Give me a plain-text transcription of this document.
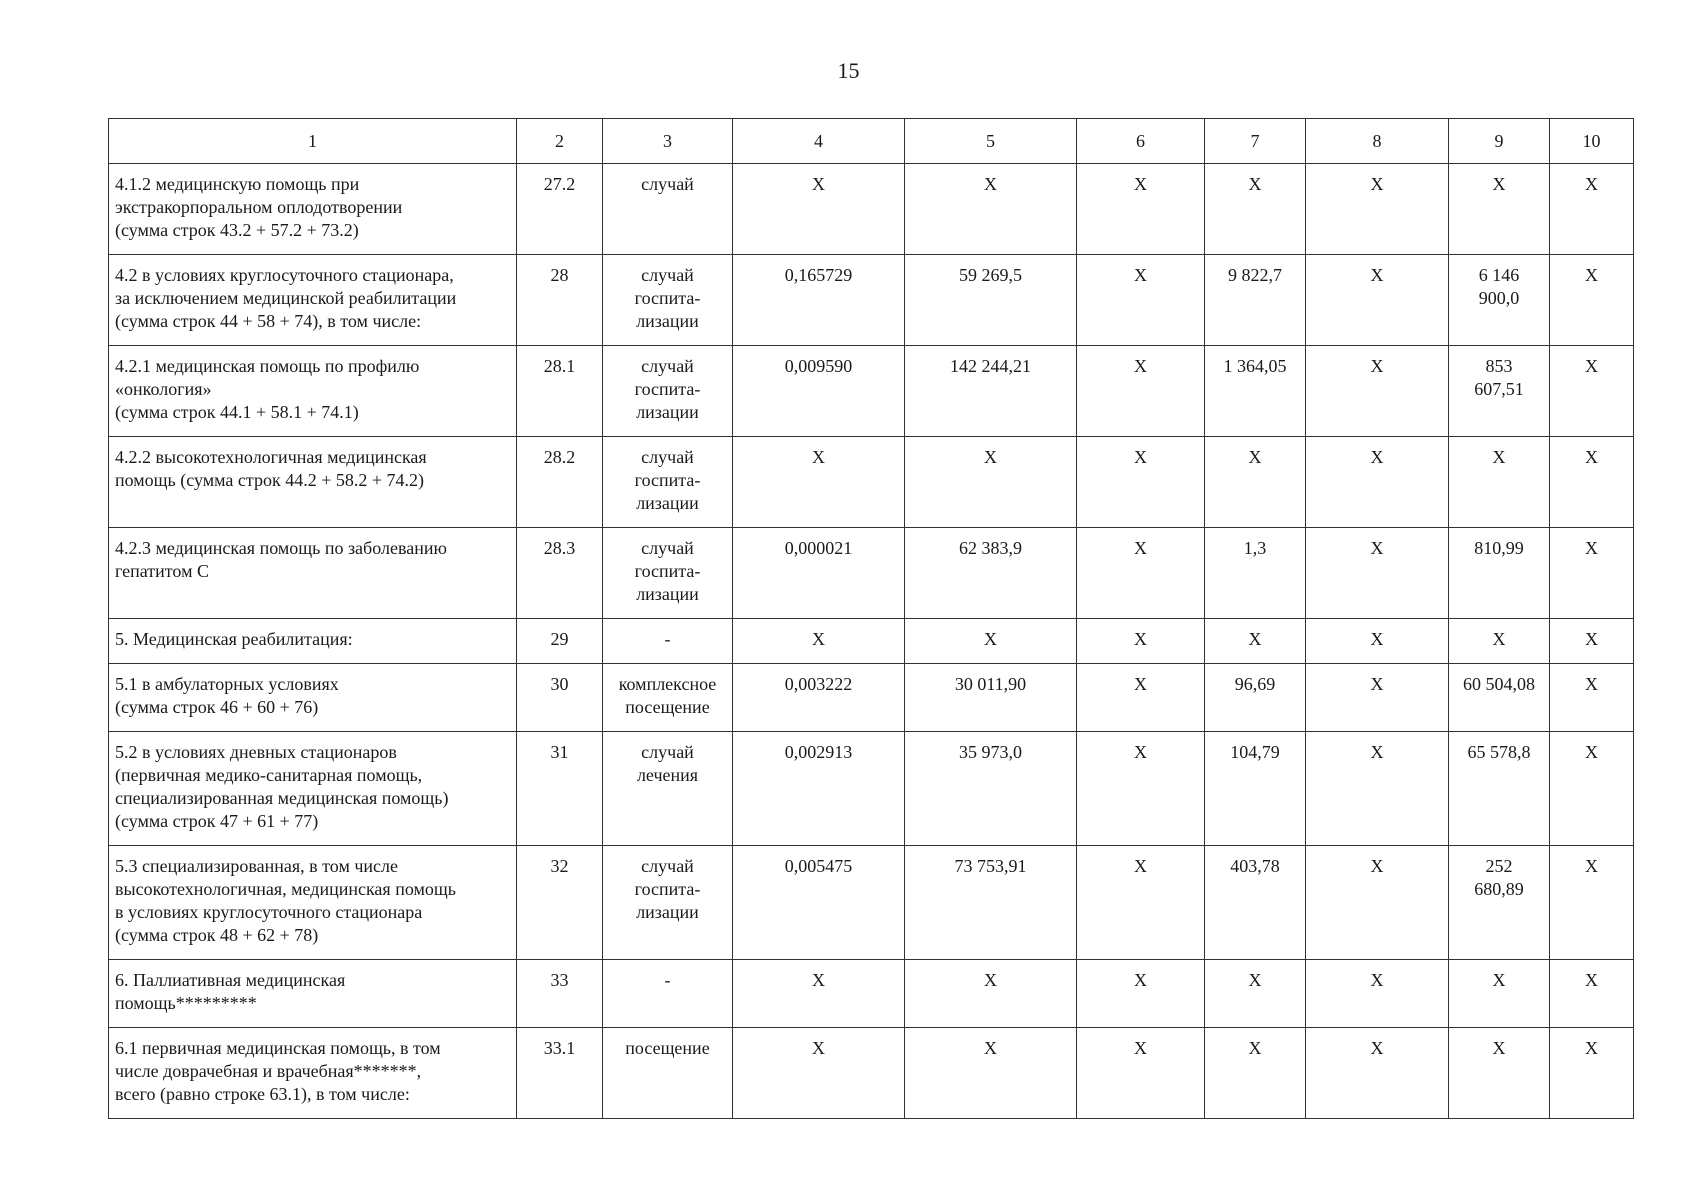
15
1	2	3	4	5	6	7	8	9	10
4.1.2 медицинскую помощь при
экстракорпоральном оплодотворении
(сумма строк 43.2 + 57.2 + 73.2)	27.2	случай	Х	Х	Х	Х	Х	Х	Х
4.2 в условиях круглосуточного стационара,
за исключением медицинской реабилитации
(сумма строк 44 + 58 + 74), в том числе:	28	случай
госпита-
лизации	0,165729	59 269,5	Х	9 822,7	Х	6 146
900,0	Х
4.2.1 медицинская помощь по профилю
«онкология»
(сумма строк 44.1 + 58.1 + 74.1)	28.1	случай
госпита-
лизации	0,009590	142 244,21	Х	1 364,05	Х	853
607,51	Х
4.2.2 высокотехнологичная медицинская
помощь (сумма строк 44.2 + 58.2 + 74.2)	28.2	случай
госпита-
лизации	Х	Х	Х	Х	Х	Х	Х
4.2.3 медицинская помощь по заболеванию
гепатитом С	28.3	случай
госпита-
лизации	0,000021	62 383,9	Х	1,3	Х	810,99	Х
5. Медицинская реабилитация:	29	-	Х	Х	Х	Х	Х	Х	Х
5.1 в амбулаторных условиях
(сумма строк 46 + 60 + 76)	30	комплексное
посещение	0,003222	30 011,90	Х	96,69	Х	60 504,08	Х
5.2 в условиях дневных стационаров
(первичная медико-санитарная помощь,
специализированная медицинская помощь)
(сумма строк 47 + 61 + 77)	31	случай
лечения	0,002913	35 973,0	Х	104,79	Х	65 578,8	Х
5.3 специализированная, в том числе
высокотехнологичная, медицинская помощь
в условиях круглосуточного стационара
(сумма строк 48 + 62 + 78)	32	случай
госпита-
лизации	0,005475	73 753,91	Х	403,78	Х	252
680,89	Х
6. Паллиативная медицинская
помощь*********	33	-	Х	Х	Х	Х	Х	Х	Х
6.1 первичная медицинская помощь, в том
числе доврачебная и врачебная*******,
всего (равно строке 63.1), в том числе:	33.1	посещение	Х	Х	Х	Х	Х	Х	Х
